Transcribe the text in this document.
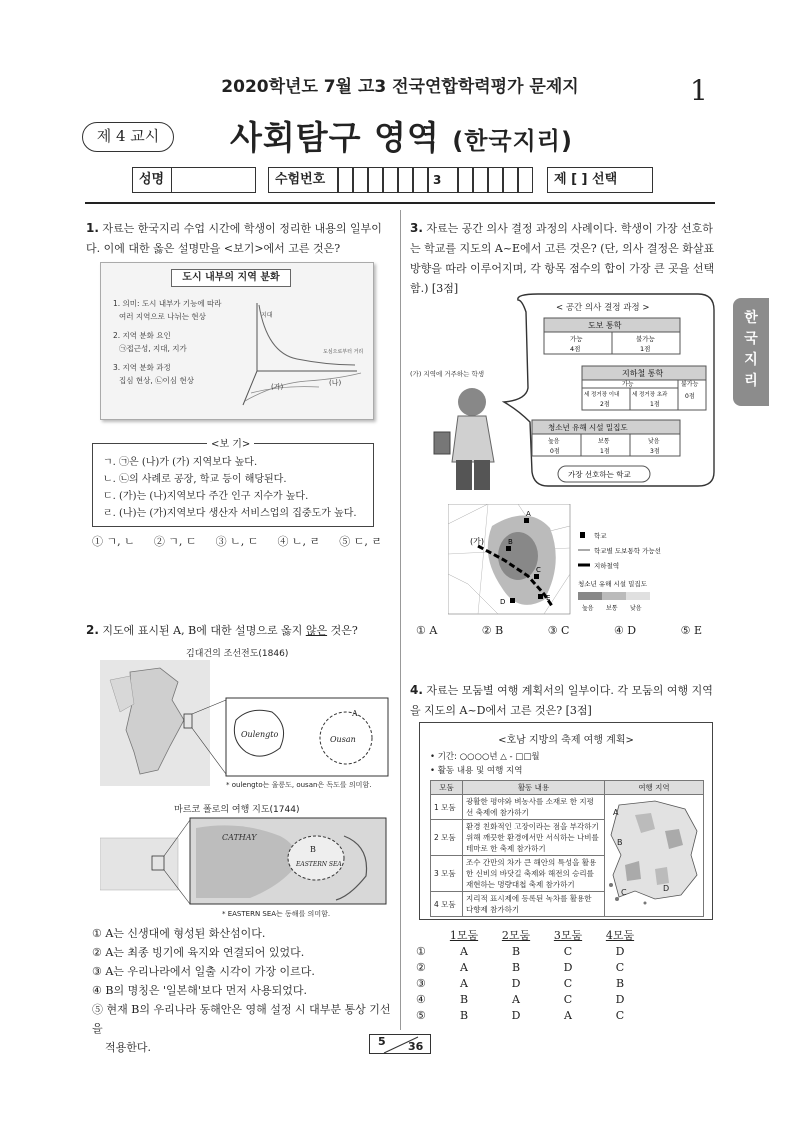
2020학년도 7월 고3 전국연합학력평가 문제지	1
제 4 교시	사회탐구 영역 (한국지리)
성명	수험번호	3	제 [ ] 선택
한국지리
1. 자료는 한국지리 수업 시간에 학생이 정리한 내용의 일부이다. 이에 대한 옳은 설명만을 <보기>에서 고른 것은?
도시 내부의 지역 분화
1. 의미: 도시 내부가 기능에 따라
여러 지역으로 나뉘는 현상
2. 지역 분화 요인
㉠접근성, 지대, 지가
3. 지역 분화 과정
집심 현상, ㉡이심 현상
지대
도심으로부터 거리
(가)	(나)
<보 기>
ㄱ. ㉠은 (나)가 (가) 지역보다 높다.
ㄴ. ㉡의 사례로 공장, 학교 등이 해당된다.
ㄷ. (가)는 (나)지역보다 주간 인구 지수가 높다.
ㄹ. (나)는 (가)지역보다 생산자 서비스업의 집중도가 높다.
① ㄱ, ㄴ ② ㄱ, ㄷ ③ ㄴ, ㄷ ④ ㄴ, ㄹ ⑤ ㄷ, ㄹ
2. 지도에 표시된 A, B에 대한 설명으로 옳지 않은 것은?
김대건의 조선전도(1846)
Oulengto
Ousan
A
* oulengto는 울릉도, ousan은 독도를 의미함.
마르코 폴로의 여행 지도(1744)
CATHAY
B
EASTERN SEA
* EASTERN SEA는 동해를 의미함.
① A는 신생대에 형성된 화산섬이다.
② A는 최종 빙기에 육지와 연결되어 있었다.
③ A는 우리나라에서 일출 시각이 가장 이르다.
④ B의 명칭은 '일본해'보다 먼저 사용되었다.
⑤ 현재 B의 우리나라 동해안은 영해 설정 시 대부분 통상 기선을
적용한다.
3. 자료는 공간 의사 결정 과정의 사례이다. 학생이 가장 선호하는 학교를 지도의 A~E에서 고른 것은? (단, 의사 결정은 화살표 방향을 따라 이루어지며, 각 항목 점수의 합이 가장 큰 곳을 선택함.) [3점]
< 공간 의사 결정 과정 >
(가) 지역에 거주하는 학생
도보 통학
가능	불가능
4점	1점
지하철 통학
가능	불가능
세 정거장 이내 세 정거장 초과
2점	1점
0점
청소년 유해 시설 밀집도
높음	보통	낮음
0점	1점	3점
가장 선호하는 학교
(가)
A
B
C
D	E
학교
학교별 도보통학 가능선
지하철역
청소년 유해 시설 밀집도
높음 보통 낮음
① A	② B	③ C	④ D	⑤ E
4. 자료는 모둠별 여행 계획서의 일부이다. 각 모둠의 여행 지역을 지도의 A~D에서 고른 것은? [3점]
<호남 지방의 축제 여행 계획>
• 기간: ○○○○년 △ - □□월
• 활동 내용 및 여행 지역
모둠	활동 내용	여행 지역
1 모둠	광활한 평야와 벼농사를 소재로 한 지평선 축제에 참가하기	A
B
C D

2 모둠	환경 친화적인 고장이라는 점을 부각하기 위해 깨끗한 환경에서만 서식하는 나비를 테마로 한 축제 참가하기	
3 모둠	조수 간만의 차가 큰 해안의 특성을 활용한 신비의 바닷길 축제와 해전의 승리를 재현하는 명량대첩 축제 참가하기	
4 모둠	지리적 표시제에 등록된 녹차를 활용한 다향제 참가하기	
1모둠	2모둠	3모둠	4모둠
①	A	B	C	D
②	A	B	D	C
③	A	D	C	B
④	B	A	C	D
⑤	B	D	A	C
5 36
